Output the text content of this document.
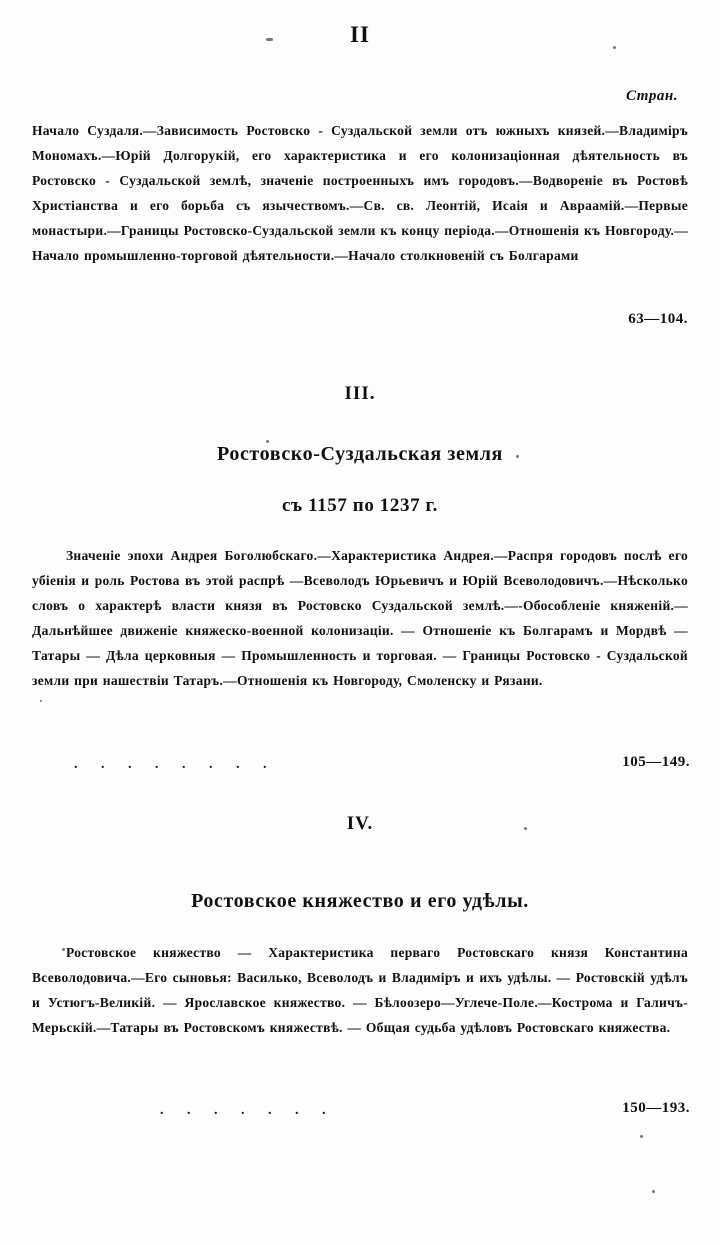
II
Стран.
Начало Суздаля.—Зависимость Ростовско - Суздальской земли отъ южныхъ князей.—Владиміръ Мономахъ.—Юрій Долгорукій, его характеристика и его колонизаціонная дѣятельность въ Ростовско - Суздальской землѣ, значеніе построенныхъ имъ городовъ.—Водвореніе въ Ростовѣ Христіанства и его борьба съ язычествомъ.—Св. св. Леонтій, Исаія и Авраамій.—Первые монастыри.—Границы Ростовско-Суздальской земли къ концу періода.—Отношенія къ Новгороду.—Начало промышленно-торговой дѣятельности.—Начало столкновеній съ Болгарами
63—104.
III.
Ростовско-Суздальская земля
съ 1157 по 1237 г.
Значеніе эпохи Андрея Боголюбскаго.—Характеристика Андрея.—Распря городовъ послѣ его убіенія и роль Ростова въ этой распрѣ —Всеволодъ Юрьевичъ и Юрій Всеволодовичъ.—Нѣсколько словъ о характерѣ власти князя въ Ростовско Суздальской землѣ.—-Обособленіе княженій.—Дальнѣйшее движеніе княжеско-военной колонизаціи. — Отношеніе къ Болгарамъ и Мордвѣ — Татары — Дѣла церковныя — Промышленность и торговая. — Границы Ростовско - Суздальской земли при нашествіи Татаръ.—Отношенія къ Новгороду, Смоленску и Рязани.
. . . . . . . .	105—149.
IV.
Ростовское княжество и его удѣлы.
Ростовское княжество — Характеристика перваго Ростовскаго князя Константина Всеволодовича.—Его сыновья: Василько, Всеволодъ и Владиміръ и ихъ удѣлы. — Ростовскій удѣлъ и Устюгъ-Великій. — Ярославское княжество. — Бѣлоозеро—Углече-Поле.—Кострома и Галичъ-Мерьскій.—Татары въ Ростовскомъ княжествѣ. — Общая судьба удѣловъ Ростовскаго княжества.
. . . . . . .	150—193.
